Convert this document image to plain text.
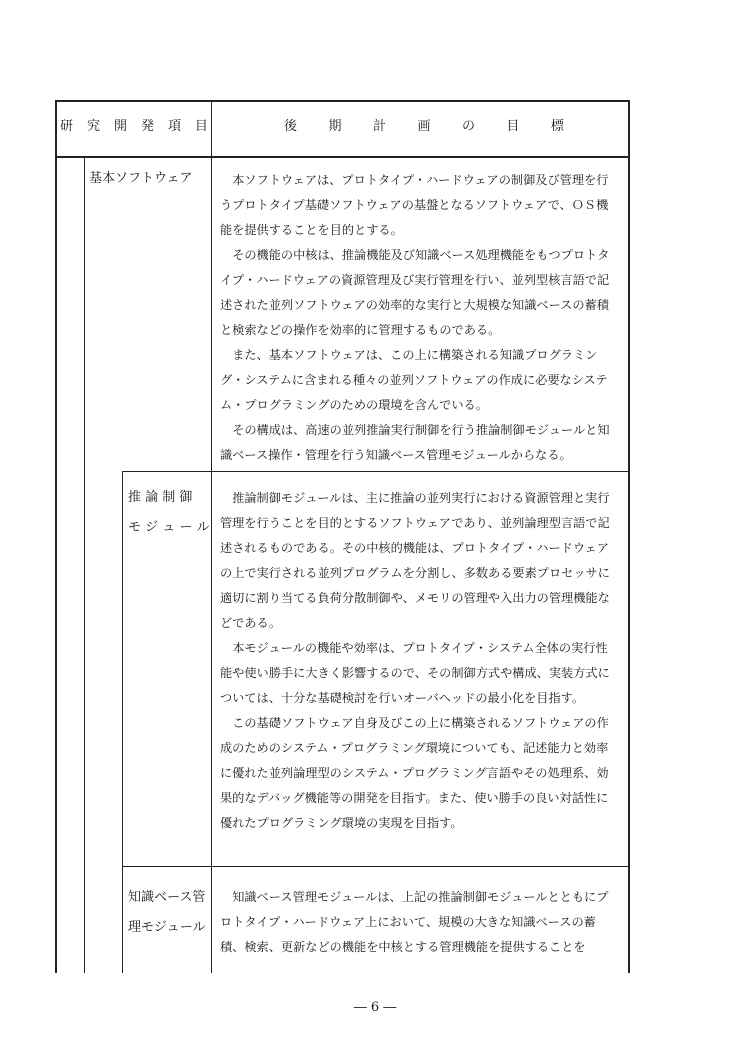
研 究 開 発 項 目	後 期 計 画 の 目 標
基本ソフトウェア	本ソフトウェアは、プロトタイプ・ハードウェアの制御及び管理を行うプロトタイプ基礎ソフトウェアの基盤となるソフトウェアで、ＯＳ機能を提供することを目的とする。

その機能の中核は、推論機能及び知識ベース処理機能をもつプロトタイプ・ハードウェアの資源管理及び実行管理を行い、並列型核言語で記述された並列ソフトウェアの効率的な実行と大規模な知識ベースの蓄積と検索などの操作を効率的に管理するものである。

また、基本ソフトウェアは、この上に構築される知識プログラミング・システムに含まれる種々の並列ソフトウェアの作成に必要なシステム・プログラミングのための環境を含んでいる。

その構成は、高速の並列推論実行制御を行う推論制御モジュールと知識ベース操作・管理を行う知識ベース管理モジュールからなる。

推 論 制 御
モ ジ ュ ー ル

推論制御モジュールは、主に推論の並列実行における資源管理と実行管理を行うことを目的とするソフトウェアであり、並列論理型言語で記述されるものである。その中核的機能は、プロトタイプ・ハードウェアの上で実行される並列プログラムを分割し、多数ある要素プロセッサに適切に割り当てる負荷分散制御や、メモリの管理や入出力の管理機能などである。

本モジュールの機能や効率は、プロトタイプ・システム全体の実行性能や使い勝手に大きく影響するので、その制御方式や構成、実装方式については、十分な基礎検討を行いオーバヘッドの最小化を目指す。

この基礎ソフトウェア自身及びこの上に構築されるソフトウェアの作成のためのシステム・プログラミング環境についても、記述能力と効率に優れた並列論理型のシステム・プログラミング言語やその処理系、効果的なデバッグ機能等の開発を目指す。また、使い勝手の良い対話性に優れたプログラミング環境の実現を目指す。

知識ベース管
理モジュール

知識ベース管理モジュールは、上記の推論制御モジュールとともにプロトタイプ・ハードウェア上において、規模の大きな知識ベースの蓄積、検索、更新などの機能を中核とする管理機能を提供することを

― 6 ―
